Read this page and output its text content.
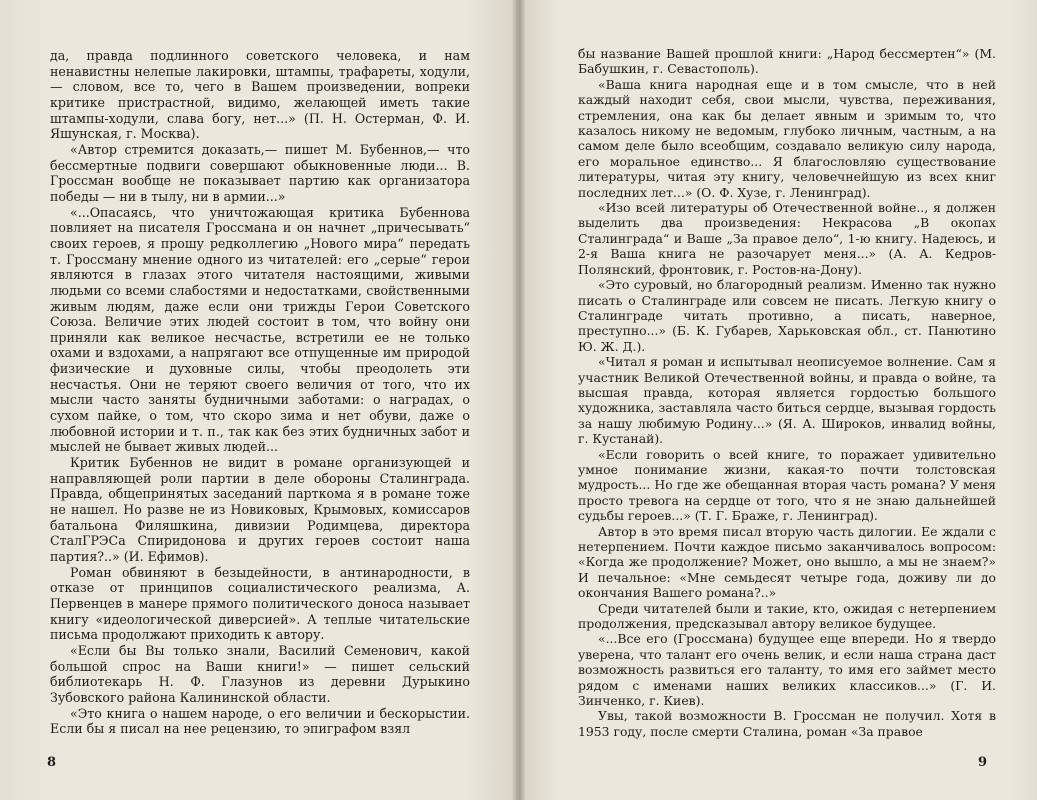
да, правда подлинного советского человека, и нам ненавистны нелепые лакировки, штампы, трафареты, ходули,— словом, все то, чего в Вашем произведении, вопреки критике пристрастной, видимо, желающей иметь такие штампы-ходули, слава богу, нет...» (П. Н. Остерман, Ф. И. Яшунская, г. Москва).

«Автор стремится доказать,— пишет М. Бубеннов,— что бессмертные подвиги совершают обыкновенные люди... В. Гроссман вообще не показывает партию как организатора победы — ни в тылу, ни в армии...»

«...Опасаясь, что уничтожающая критика Бубеннова повлияет на писателя Гроссмана и он начнет „причесывать“ своих героев, я прошу редколлегию „Нового мира“ передать т. Гроссману мнение одного из читателей: его „серые“ герои являются в глазах этого читателя настоящими, живыми людьми со всеми слабостями и недостатками, свойственными живым людям, даже если они трижды Герои Советского Союза. Величие этих людей состоит в том, что войну они приняли как великое несчастье, встретили ее не только охами и вздохами, а напрягают все отпущенные им природой физические и духовные силы, чтобы преодолеть эти несчастья. Они не теряют своего величия от того, что их мысли часто заняты будничными заботами: о наградах, о сухом пайке, о том, что скоро зима и нет обуви, даже о любовной истории и т. п., так как без этих будничных забот и мыслей не бывает живых людей...

Критик Бубеннов не видит в романе организующей и направляющей роли партии в деле обороны Сталинграда. Правда, общепринятых заседаний парткома я в романе тоже не нашел. Но разве не из Новиковых, Крымовых, комиссаров батальона Филяшкина, дивизии Родимцева, директора СталГРЭСа Спиридонова и других героев состоит наша партия?..» (И. Ефимов).

Роман обвиняют в безыдейности, в антинародности, в отказе от принципов социалистического реализма, А. Первенцев в манере прямого политического доноса называет книгу «идеологической диверсией». А теплые читательские письма продолжают приходить к автору.

«Если бы Вы только знали, Василий Семенович, какой большой спрос на Ваши книги!» — пишет сельский библиотекарь Н. Ф. Глазунов из деревни Дурыкино Зубовского района Калининской области.

«Это книга о нашем народе, о его величии и бескорыстии. Если бы я писал на нее рецензию, то эпиграфом взял

8

бы название Вашей прошлой книги: „Народ бессмертен“» (М. Бабушкин, г. Севастополь).

«Ваша книга народная еще и в том смысле, что в ней каждый находит себя, свои мысли, чувства, переживания, стремления, она как бы делает явным и зримым то, что казалось никому не ведомым, глубоко личным, частным, а на самом деле было всеобщим, создавало великую силу народа, его моральное единство... Я благословляю существование литературы, читая эту книгу, человечнейшую из всех книг последних лет...» (О. Ф. Хузе, г. Ленинград).

«Изо всей литературы об Отечественной войне.., я должен выделить два произведения: Некрасова „В окопах Сталинграда“ и Ваше „За правое дело“, 1-ю книгу. Надеюсь, и 2-я Ваша книга не разочарует меня...» (А. А. Кедров-Полянский, фронтовик, г. Ростов-на-Дону).

«Это суровый, но благородный реализм. Именно так нужно писать о Сталинграде или совсем не писать. Легкую книгу о Сталинграде читать противно, а писать, наверное, преступно...» (Б. К. Губарев, Харьковская обл., ст. Панютино Ю. Ж. Д.).

«Читал я роман и испытывал неописуемое волнение. Сам я участник Великой Отечественной войны, и правда о войне, та высшая правда, которая является гордостью большого художника, заставляла часто биться сердце, вызывая гордость за нашу любимую Родину...» (Я. А. Широков, инвалид войны, г. Кустанай).

«Если говорить о всей книге, то поражает удивительно умное понимание жизни, какая-то почти толстовская мудрость... Но где же обещанная вторая часть романа? У меня просто тревога на сердце от того, что я не знаю дальнейшей судьбы героев...» (Т. Г. Браже, г. Ленинград).

Автор в это время писал вторую часть дилогии. Ее ждали с нетерпением. Почти каждое письмо заканчивалось вопросом: «Когда же продолжение? Может, оно вышло, а мы не знаем?» И печальное: «Мне семьдесят четыре года, доживу ли до окончания Вашего романа?..»

Среди читателей были и такие, кто, ожидая с нетерпением продолжения, предсказывал автору великое будущее.

«...Все его (Гроссмана) будущее еще впереди. Но я твердо уверена, что талант его очень велик, и если наша страна даст возможность развиться его таланту, то имя его займет место рядом с именами наших великих классиков...» (Г. И. Зинченко, г. Киев).

Увы, такой возможности В. Гроссман не получил. Хотя в 1953 году, после смерти Сталина, роман «За правое

9
